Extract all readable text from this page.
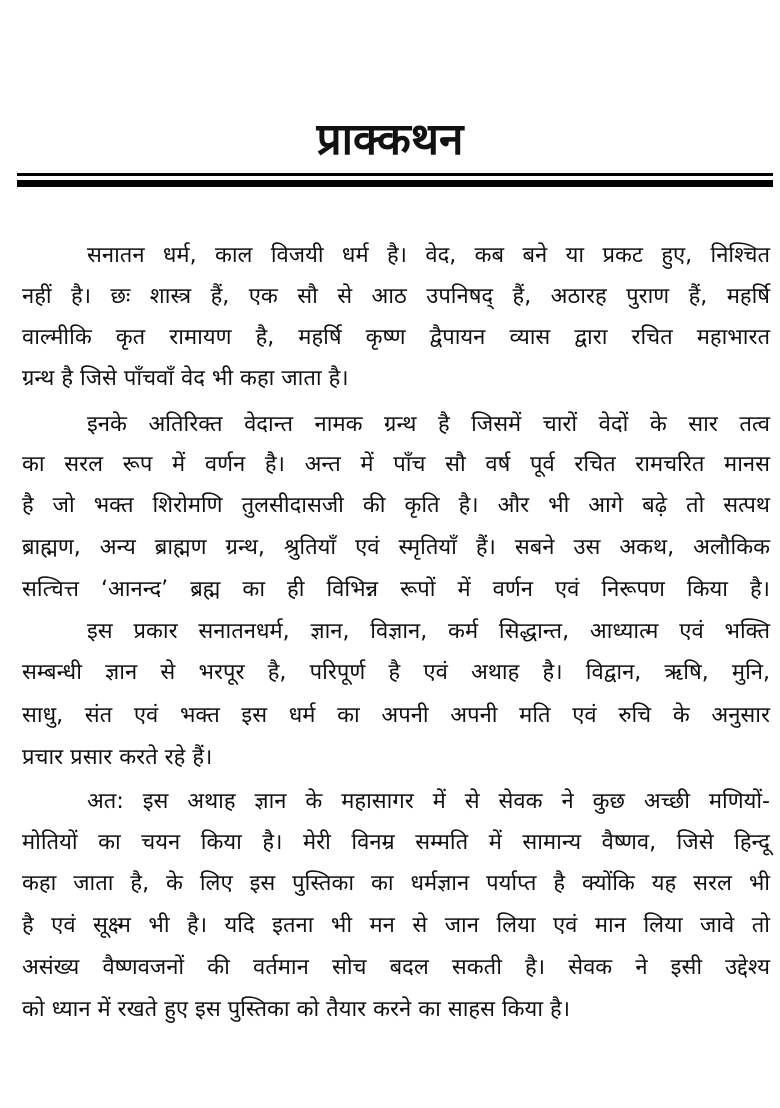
प्राक्कथन
सनातन धर्म, काल विजयी धर्म है। वेद, कब बने या प्रकट हुए, निश्चित
नहीं है। छः शास्त्र हैं, एक सौ से आठ उपनिषद् हैं, अठारह पुराण हैं, महर्षि
वाल्मीकि कृत रामायण है, महर्षि कृष्ण द्वैपायन व्यास द्वारा रचित महाभारत
ग्रन्थ है जिसे पाँचवाँ वेद भी कहा जाता है।
इनके अतिरिक्त वेदान्त नामक ग्रन्थ है जिसमें चारों वेदों के सार तत्व
का सरल रूप में वर्णन है। अन्त में पाँच सौ वर्ष पूर्व रचित रामचरित मानस
है जो भक्त शिरोमणि तुलसीदासजी की कृति है। और भी आगे बढ़े तो सत्पथ
ब्राह्मण, अन्य ब्राह्मण ग्रन्थ, श्रुतियाँ एवं स्मृतियाँ हैं। सबने उस अकथ, अलौकिक
सत्चित्त ‘आनन्द’ ब्रह्म का ही विभिन्न रूपों में वर्णन एवं निरूपण किया है।
इस प्रकार सनातनधर्म, ज्ञान, विज्ञान, कर्म सिद्धान्त, आध्यात्म एवं भक्ति
सम्बन्धी ज्ञान से भरपूर है, परिपूर्ण है एवं अथाह है। विद्वान, ऋषि, मुनि,
साधु, संत एवं भक्त इस धर्म का अपनी अपनी मति एवं रुचि के अनुसार
प्रचार प्रसार करते रहे हैं।
अत: इस अथाह ज्ञान के महासागर में से सेवक ने कुछ अच्छी मणियों-
मोतियों का चयन किया है। मेरी विनम्र सम्मति में सामान्य वैष्णव, जिसे हिन्दू
कहा जाता है, के लिए इस पुस्तिका का धर्मज्ञान पर्याप्त है क्योंकि यह सरल भी
है एवं सूक्ष्म भी है। यदि इतना भी मन से जान लिया एवं मान लिया जावे तो
असंख्य वैष्णवजनों की वर्तमान सोच बदल सकती है। सेवक ने इसी उद्देश्य
को ध्यान में रखते हुए इस पुस्तिका को तैयार करने का साहस किया है।
